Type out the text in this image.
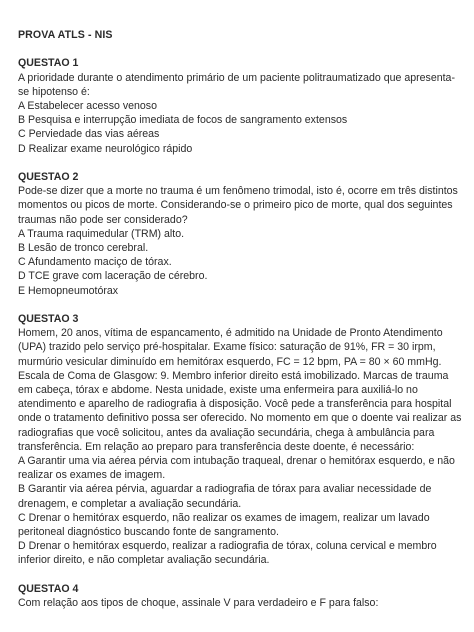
PROVA ATLS - NIS
QUESTAO 1
A prioridade durante o atendimento primário de um paciente politraumatizado que apresenta-se hipotenso é:
A Estabelecer acesso venoso
B Pesquisa e interrupção imediata de focos de sangramento extensos
C Perviedade das vias aéreas
D Realizar exame neurológico rápido
QUESTAO 2
Pode-se dizer que a morte no trauma é um fenômeno trimodal, isto é, ocorre em três distintos momentos ou picos de morte. Considerando-se o primeiro pico de morte, qual dos seguintes traumas não pode ser considerado?
A Trauma raquimedular (TRM) alto.
B Lesão de tronco cerebral.
C Afundamento maciço de tórax.
D TCE grave com laceração de cérebro.
E Hemopneumotórax
QUESTAO 3
Homem, 20 anos, vítima de espancamento, é admitido na Unidade de Pronto Atendimento (UPA) trazido pelo serviço pré-hospitalar. Exame físico: saturação de 91%, FR = 30 irpm, murmúrio vesicular diminuído em hemitórax esquerdo, FC = 12 bpm, PA = 80 × 60 mmHg. Escala de Coma de Glasgow: 9. Membro inferior direito está imobilizado. Marcas de trauma em cabeça, tórax e abdome. Nesta unidade, existe uma enfermeira para auxiliá-lo no atendimento e aparelho de radiografia à disposição. Você pede a transferência para hospital onde o tratamento definitivo possa ser oferecido. No momento em que o doente vai realizar as radiografias que você solicitou, antes da avaliação secundária, chega à ambulância para transferência. Em relação ao preparo para transferência deste doente, é necessário:
A Garantir uma via aérea pérvia com intubação traqueal, drenar o hemitórax esquerdo, e não realizar os exames de imagem.
B Garantir via aérea pérvia, aguardar a radiografia de tórax para avaliar necessidade de drenagem, e completar a avaliação secundária.
C Drenar o hemitórax esquerdo, não realizar os exames de imagem, realizar um lavado peritoneal diagnóstico buscando fonte de sangramento.
D Drenar o hemitórax esquerdo, realizar a radiografia de tórax, coluna cervical e membro inferior direito, e não completar avaliação secundária.
QUESTAO 4
Com relação aos tipos de choque, assinale V para verdadeiro e F para falso:
